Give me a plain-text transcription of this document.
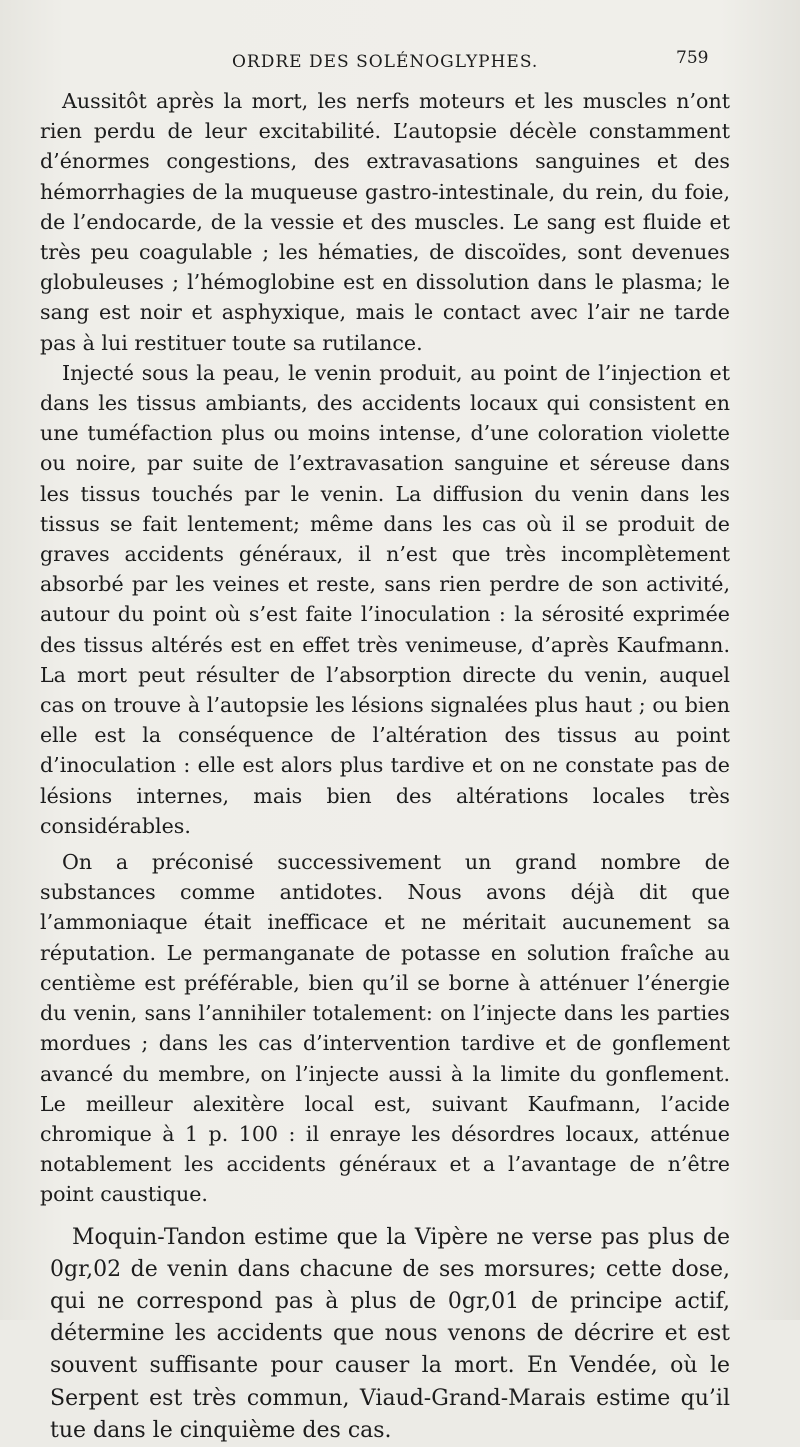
ORDRE DES SOLÉNOGLYPHES.	759

Aussitôt après la mort, les nerfs moteurs et les muscles n’ont rien perdu de leur excitabilité. L’autopsie décèle constamment d’énormes congestions, des extravasations sanguines et des hémorrhagies de la muqueuse gastro-intestinale, du rein, du foie, de l’endocarde, de la vessie et des muscles. Le sang est fluide et très peu coagulable ; les hématies, de discoïdes, sont devenues globuleuses ; l’hémoglobine est en dissolution dans le plasma; le sang est noir et asphyxique, mais le contact avec l’air ne tarde pas à lui restituer toute sa rutilance.

Injecté sous la peau, le venin produit, au point de l’injection et dans les tissus ambiants, des accidents locaux qui consistent en une tuméfaction plus ou moins intense, d’une coloration violette ou noire, par suite de l’extravasation sanguine et séreuse dans les tissus touchés par le venin. La diffusion du venin dans les tissus se fait lentement; même dans les cas où il se produit de graves accidents généraux, il n’est que très incomplètement absorbé par les veines et reste, sans rien perdre de son activité, autour du point où s’est faite l’inoculation : la sérosité exprimée des tissus altérés est en effet très venimeuse, d’après Kaufmann. La mort peut résulter de l’absorption directe du venin, auquel cas on trouve à l’autopsie les lésions signalées plus haut ; ou bien elle est la conséquence de l’altération des tissus au point d’inoculation : elle est alors plus tardive et on ne constate pas de lésions internes, mais bien des altérations locales très considérables.

On a préconisé successivement un grand nombre de substances comme antidotes. Nous avons déjà dit que l’ammoniaque était inefficace et ne méritait aucunement sa réputation. Le permanganate de potasse en solution fraîche au centième est préférable, bien qu’il se borne à atténuer l’énergie du venin, sans l’annihiler totalement: on l’injecte dans les parties mordues ; dans les cas d’intervention tardive et de gonflement avancé du membre, on l’injecte aussi à la limite du gonflement. Le meilleur alexitère local est, suivant Kaufmann, l’acide chromique à 1 p. 100 : il enraye les désordres locaux, atténue notablement les accidents généraux et a l’avantage de n’être point caustique.

Moquin-Tandon estime que la Vipère ne verse pas plus de 0gr,02 de venin dans chacune de ses morsures; cette dose, qui ne correspond pas à plus de 0gr,01 de principe actif, détermine les accidents que nous venons de décrire et est souvent suffisante pour causer la mort. En Vendée, où le Serpent est très commun, Viaud-Grand-Marais estime qu’il tue dans le cinquième des cas.
